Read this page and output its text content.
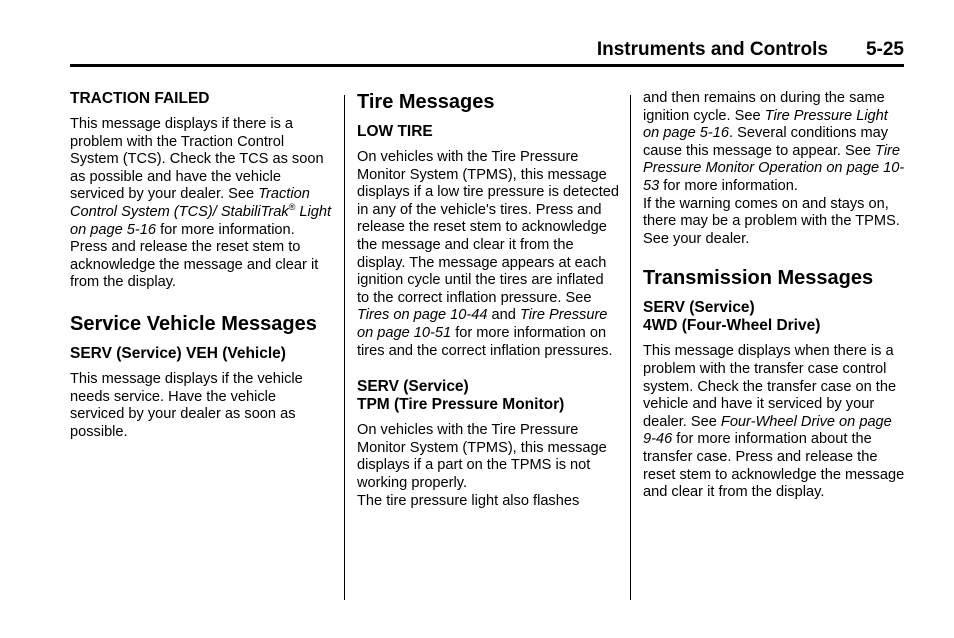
Instruments and Controls 5-25
TRACTION FAILED

This message displays if there is a problem with the Traction Control System (TCS). Check the TCS as soon as possible and have the vehicle serviced by your dealer. See Traction Control System (TCS)/ StabiliTrak® Light on page 5-16 for more information. Press and release the reset stem to acknowledge the message and clear it from the display.

Service Vehicle Messages
SERV (Service) VEH (Vehicle)

This message displays if the vehicle needs service. Have the vehicle serviced by your dealer as soon as possible.

Tire Messages
LOW TIRE

On vehicles with the Tire Pressure Monitor System (TPMS), this message displays if a low tire pressure is detected in any of the vehicle's tires. Press and release the reset stem to acknowledge the message and clear it from the display. The message appears at each ignition cycle until the tires are inflated to the correct inflation pressure. See Tires on page 10-44 and Tire Pressure on page 10-51 for more information on tires and the correct inflation pressures.

SERV (Service)
TPM (Tire Pressure Monitor)

On vehicles with the Tire Pressure Monitor System (TPMS), this message displays if a part on the TPMS is not working properly.

The tire pressure light also flashes

and then remains on during the same ignition cycle. See Tire Pressure Light on page 5-16. Several conditions may cause this message to appear. See Tire Pressure Monitor Operation on page 10-53 for more information.

If the warning comes on and stays on, there may be a problem with the TPMS. See your dealer.

Transmission Messages
SERV (Service)
4WD (Four-Wheel Drive)

This message displays when there is a problem with the transfer case control system. Check the transfer case on the vehicle and have it serviced by your dealer. See Four-Wheel Drive on page 9-46 for more information about the transfer case. Press and release the reset stem to acknowledge the message and clear it from the display.
